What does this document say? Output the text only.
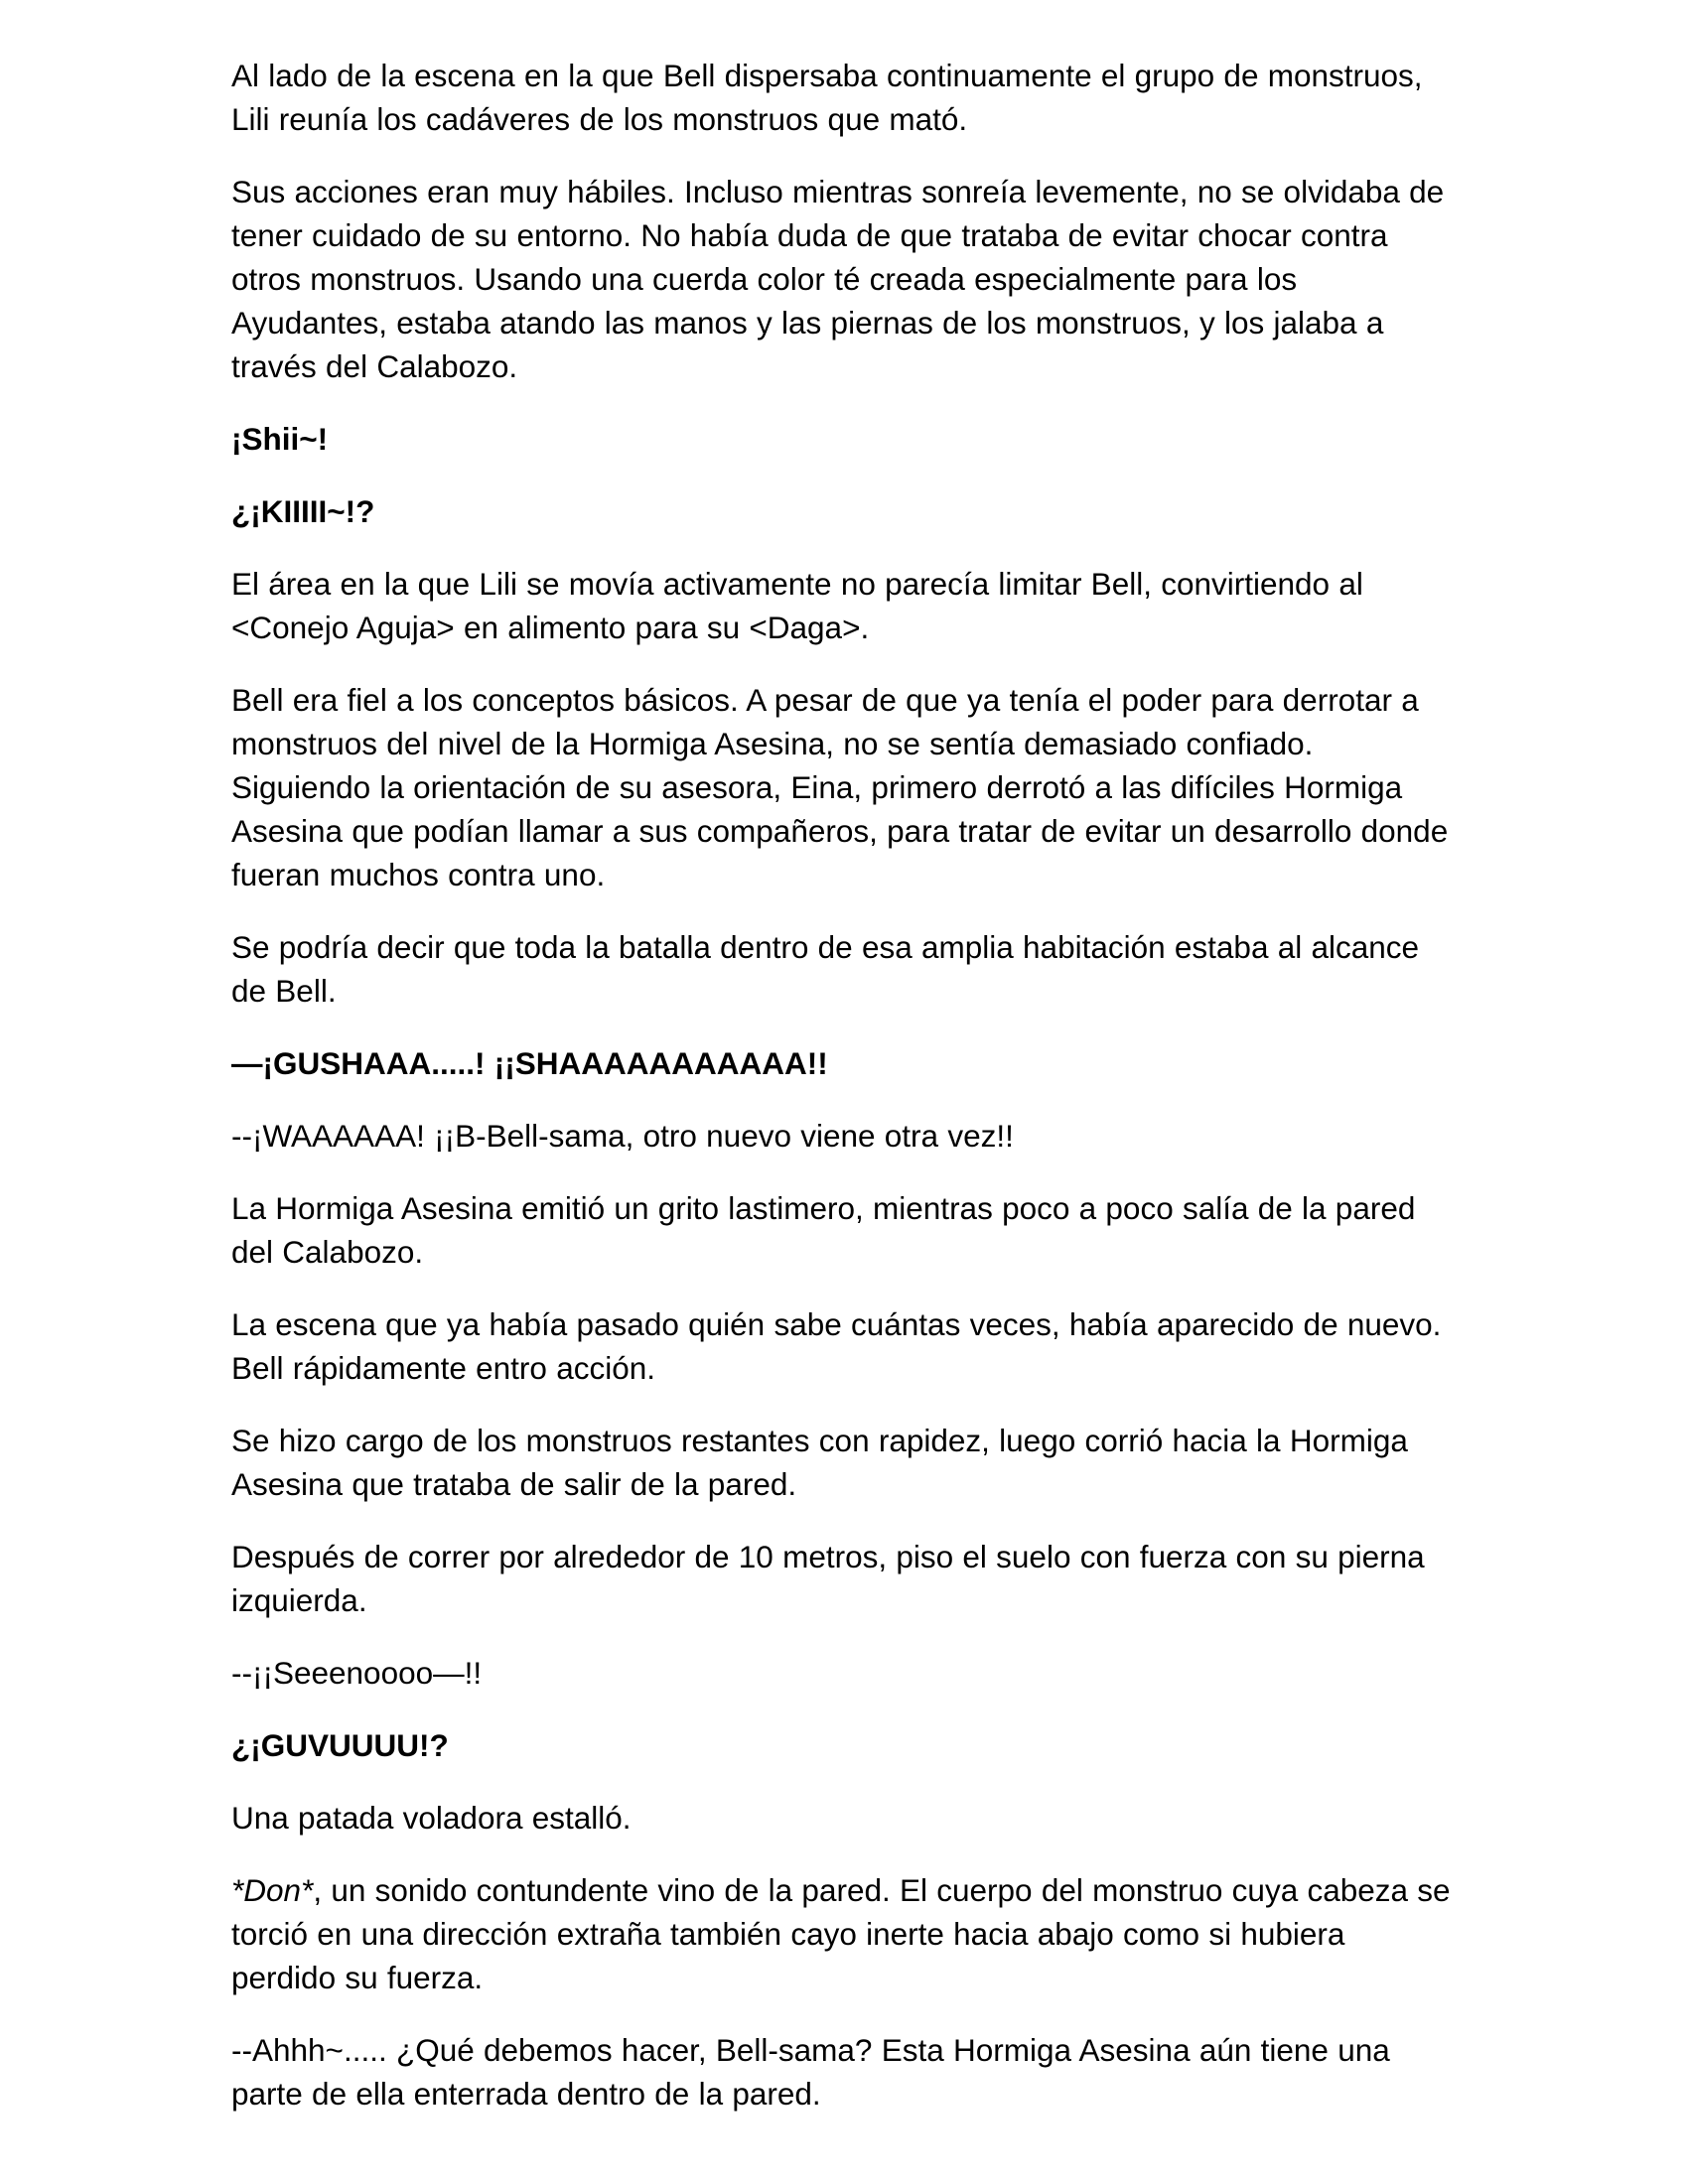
Al lado de la escena en la que Bell dispersaba continuamente el grupo de monstruos, Lili reunía los cadáveres de los monstruos que mató.

Sus acciones eran muy hábiles. Incluso mientras sonreía levemente, no se olvidaba de tener cuidado de su entorno. No había duda de que trataba de evitar chocar contra otros monstruos. Usando una cuerda color té creada especialmente para los Ayudantes, estaba atando las manos y las piernas de los monstruos, y los jalaba a través del Calabozo.

¡Shii~!

¿¡KIIIII~!?

El área en la que Lili se movía activamente no parecía limitar Bell, convirtiendo al <Conejo Aguja> en alimento para su <Daga>.

Bell era fiel a los conceptos básicos. A pesar de que ya tenía el poder para derrotar a monstruos del nivel de la Hormiga Asesina, no se sentía demasiado confiado. Siguiendo la orientación de su asesora, Eina, primero derrotó a las difíciles Hormiga Asesina que podían llamar a sus compañeros, para tratar de evitar un desarrollo donde fueran muchos contra uno.

Se podría decir que toda la batalla dentro de esa amplia habitación estaba al alcance de Bell.

—¡GUSHAAA.....! ¡¡SHAAAAAAAAAAA!!

--¡WAAAAAA! ¡¡B-Bell-sama, otro nuevo viene otra vez!!

La Hormiga Asesina emitió un grito lastimero, mientras poco a poco salía de la pared del Calabozo.

La escena que ya había pasado quién sabe cuántas veces, había aparecido de nuevo. Bell rápidamente entro acción.

Se hizo cargo de los monstruos restantes con rapidez, luego corrió hacia la Hormiga Asesina que trataba de salir de la pared.

Después de correr por alrededor de 10 metros, piso el suelo con fuerza con su pierna izquierda.

--¡¡Seeenoooo—!!

¿¡GUVUUUU!?

Una patada voladora estalló.

*Don*, un sonido contundente vino de la pared. El cuerpo del monstruo cuya cabeza se torció en una dirección extraña también cayo inerte hacia abajo como si hubiera perdido su fuerza.

--Ahhh~..... ¿Qué debemos hacer, Bell-sama? Esta Hormiga Asesina aún tiene una parte de ella enterrada dentro de la pared.
